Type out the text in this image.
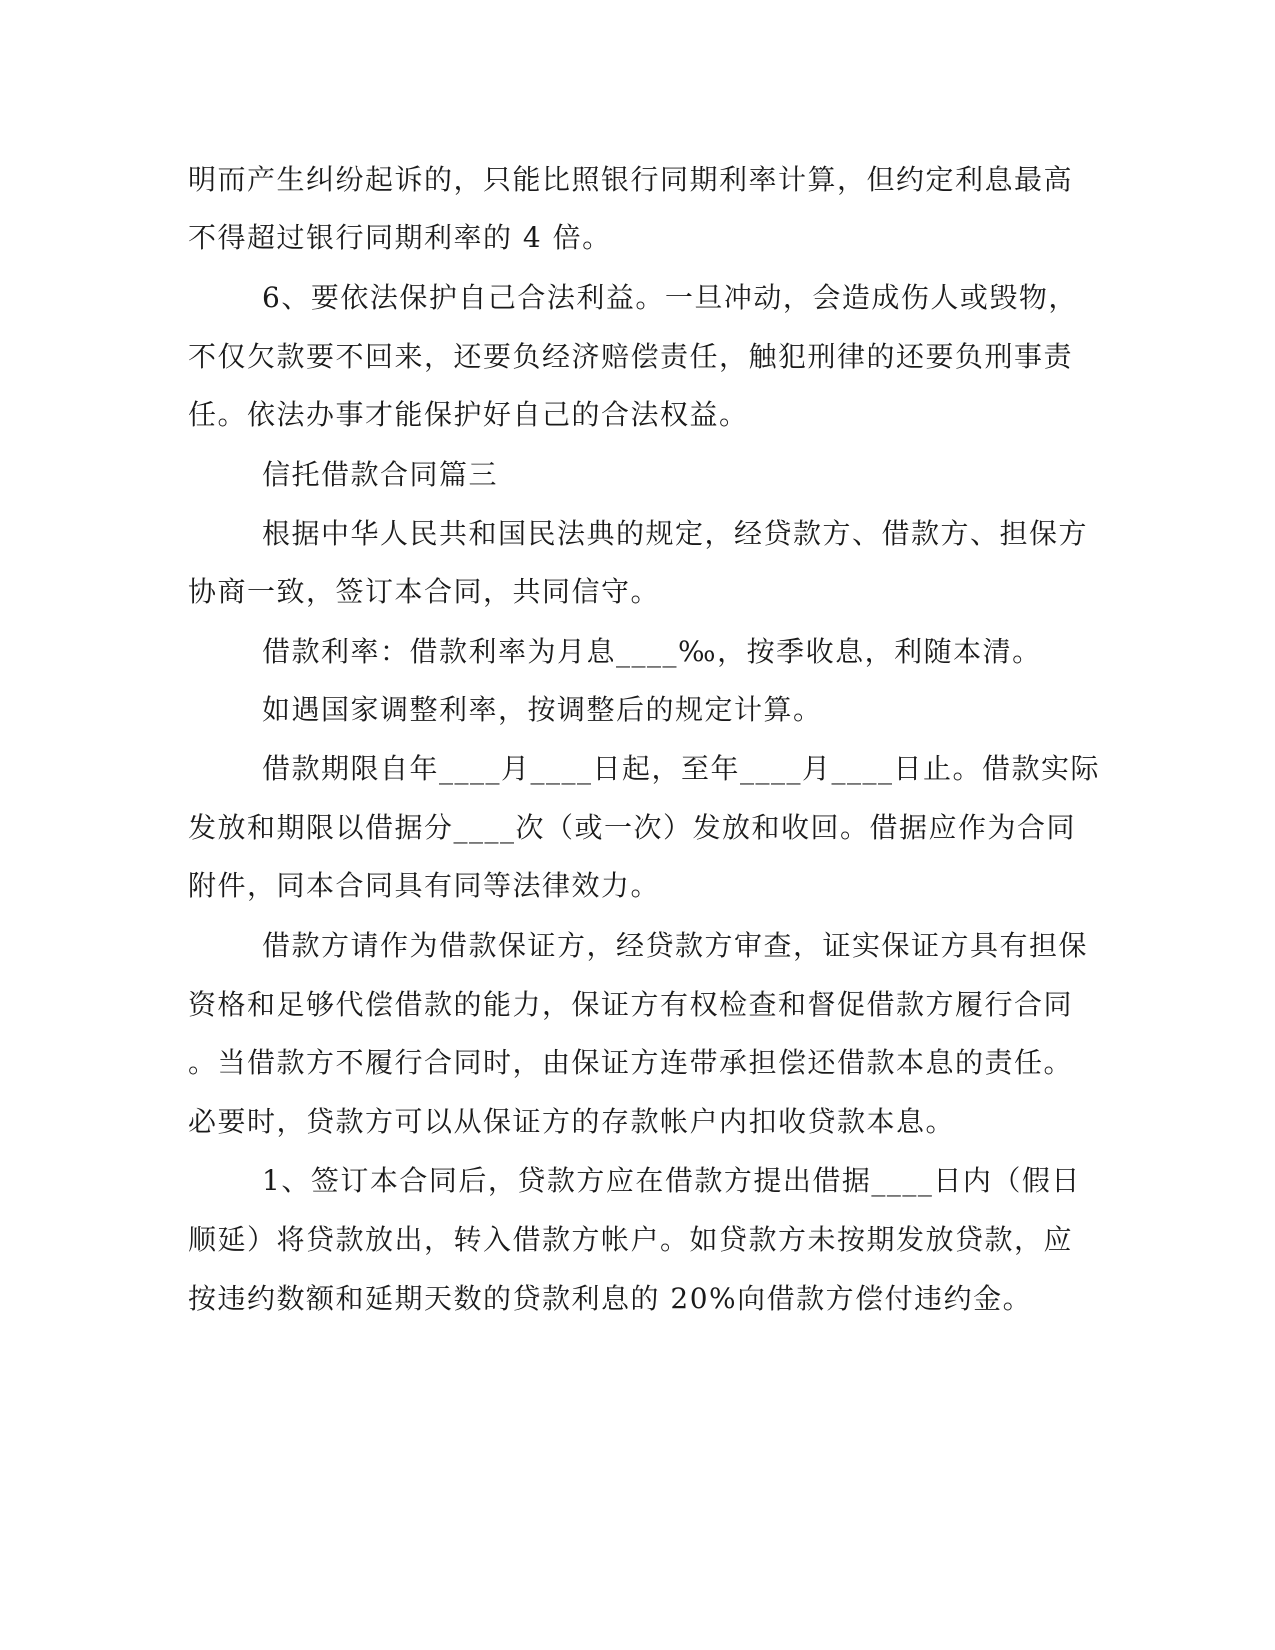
明而产生纠纷起诉的，只能比照银行同期利率计算，但约定利息最高
不得超过银行同期利率的 4 倍。
6、要依法保护自己合法利益。一旦冲动，会造成伤人或毁物，
不仅欠款要不回来，还要负经济赔偿责任，触犯刑律的还要负刑事责
任。依法办事才能保护好自己的合法权益。
信托借款合同篇三
根据中华人民共和国民法典的规定，经贷款方、借款方、担保方
协商一致，签订本合同，共同信守。
借款利率：借款利率为月息____‰，按季收息，利随本清。
如遇国家调整利率，按调整后的规定计算。
借款期限自年____月____日起，至年____月____日止。借款实际
发放和期限以借据分____次（或一次）发放和收回。借据应作为合同
附件，同本合同具有同等法律效力。
借款方请作为借款保证方，经贷款方审查，证实保证方具有担保
资格和足够代偿借款的能力，保证方有权检查和督促借款方履行合同
。当借款方不履行合同时，由保证方连带承担偿还借款本息的责任。
必要时，贷款方可以从保证方的存款帐户内扣收贷款本息。
1、签订本合同后，贷款方应在借款方提出借据____日内（假日
顺延）将贷款放出，转入借款方帐户。如贷款方未按期发放贷款，应
按违约数额和延期天数的贷款利息的 20%向借款方偿付违约金。
